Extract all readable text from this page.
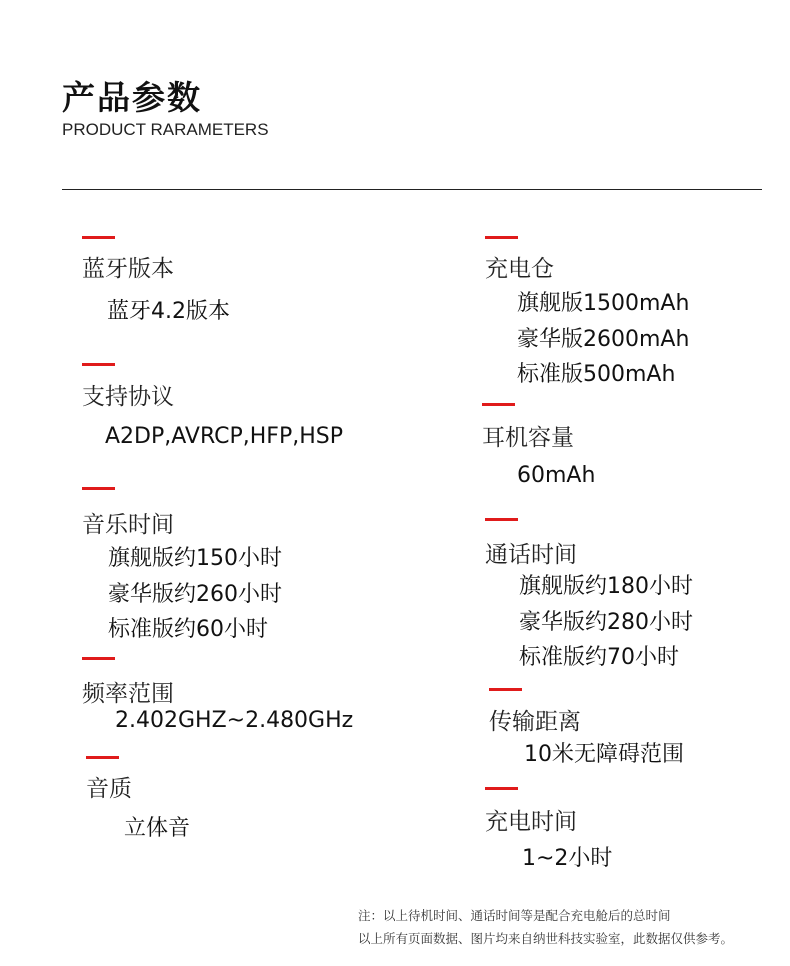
产品参数
PRODUCT RARAMETERS
蓝牙版本
蓝牙4.2版本
支持协议
A2DP,AVRCP,HFP,HSP
音乐时间
旗舰版约150小时
豪华版约260小时
标准版约60小时
频率范围
2.402GHZ~2.480GHz
音质
立体音
充电仓
旗舰版1500mAh
豪华版2600mAh
标准版500mAh
耳机容量
60mAh
通话时间
旗舰版约180小时
豪华版约280小时
标准版约70小时
传输距离
10米无障碍范围
充电时间
1~2小时
注：以上待机时间、通话时间等是配合充电舱后的总时间
以上所有页面数据、图片均来自纳世科技实验室，此数据仅供参考。
